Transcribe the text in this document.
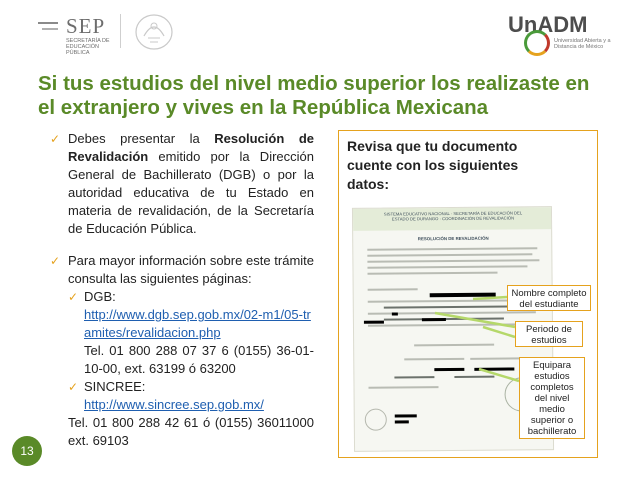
SEP
SECRETARÍA DE EDUCACIÓN PÚBLICA
UnADM
Universidad Abierta y a Distancia de México
Si tus estudios del nivel medio superior los realizaste en el extranjero y vives en la República Mexicana
✓ Debes presentar la Resolución de Revalidación emitido por la Dirección General de Bachillerato (DGB) o por la autoridad educativa de tu Estado en materia de revalidación, de la Secretaría de Educación Pública.
✓ Para mayor información sobre este trámite consulta las siguientes páginas:
✓ DGB:
http://www.dgb.sep.gob.mx/02-m1/05-tramites/revalidacion.php
Tel. 01 800 288 07 37 6 (0155) 36-01-10-00, ext. 63199 ó 63200
✓ SINCREE:
http://www.sincree.sep.gob.mx/
Tel. 01 800 288 42 61 ó (0155) 36011000 ext. 69103
Revisa que tu documento cuente con los siguientes datos:
SISTEMA EDUCATIVO NACIONAL · SECRETARÍA DE EDUCACIÓN DEL ESTADO DE DURANGO · COORDINACIÓN DE REVALIDACIÓN
RESOLUCIÓN DE REVALIDACIÓN
Nombre completo del estudiante
Periodo de estudios
Equipara estudios completos del nivel medio superior o bachillerato
13
